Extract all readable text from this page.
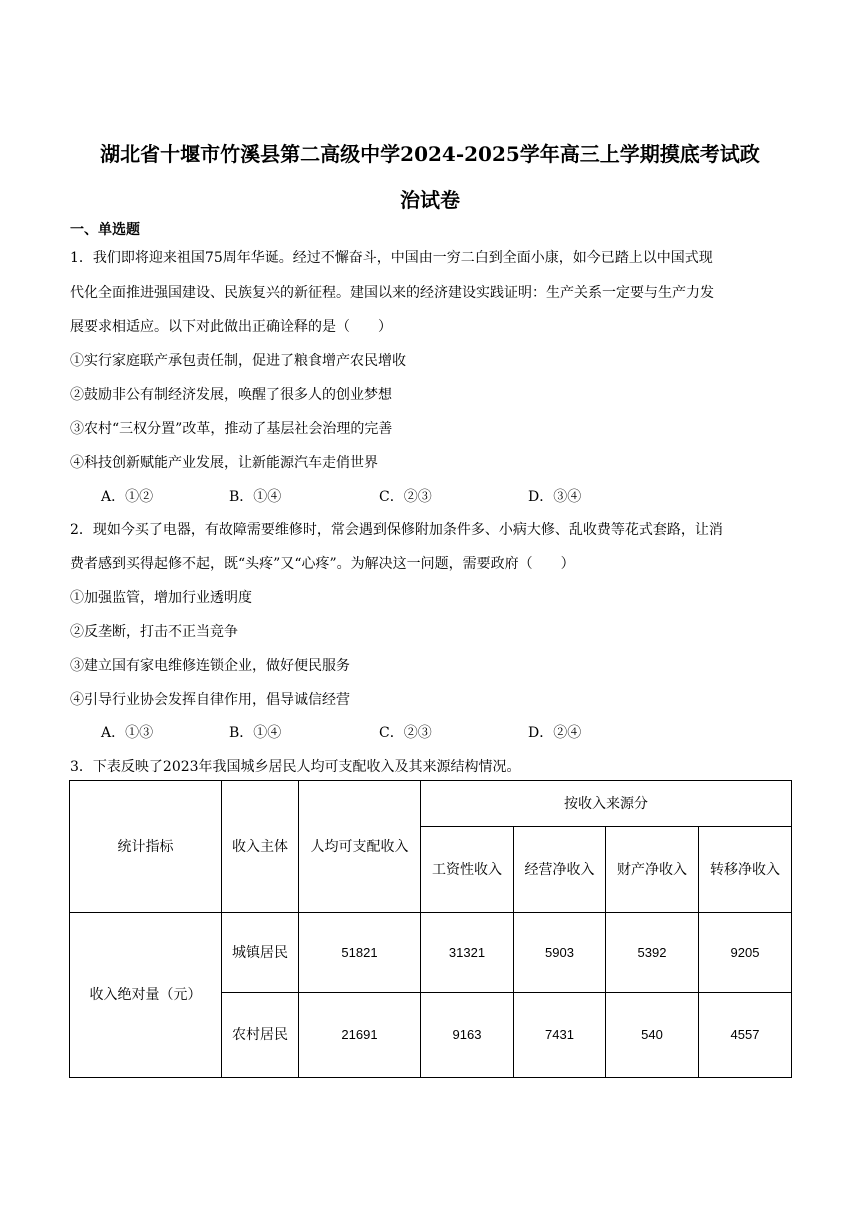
湖北省十堰市竹溪县第二高级中学2024-2025学年高三上学期摸底考试政
治试卷
一、单选题
1．我们即将迎来祖国75周年华诞。经过不懈奋斗，中国由一穷二白到全面小康，如今已踏上以中国式现
代化全面推进强国建设、民族复兴的新征程。建国以来的经济建设实践证明：生产关系一定要与生产力发
展要求相适应。以下对此做出正确诠释的是（　　）
①实行家庭联产承包责任制，促进了粮食增产农民增收
②鼓励非公有制经济发展，唤醒了很多人的创业梦想
③农村“三权分置”改革，推动了基层社会治理的完善
④科技创新赋能产业发展，让新能源汽车走俏世界
A．①②	B．①④	C．②③	D．③④
2．现如今买了电器，有故障需要维修时，常会遇到保修附加条件多、小病大修、乱收费等花式套路，让消
费者感到买得起修不起，既“头疼”又“心疼”。为解决这一问题，需要政府（　　）
①加强监管，增加行业透明度
②反垄断，打击不正当竞争
③建立国有家电维修连锁企业，做好便民服务
④引导行业协会发挥自律作用，倡导诚信经营
A．①③	B．①④	C．②③	D．②④
3．下表反映了2023年我国城乡居民人均可支配收入及其来源结构情况。
统计指标	收入主体	人均可支配收入	按收入来源分			
			工资性收入	经营净收入	财产净收入	转移净收入
收入绝对量（元）	城镇居民	51821	31321	5903	5392	9205
	农村居民	21691	9163	7431	540	4557
